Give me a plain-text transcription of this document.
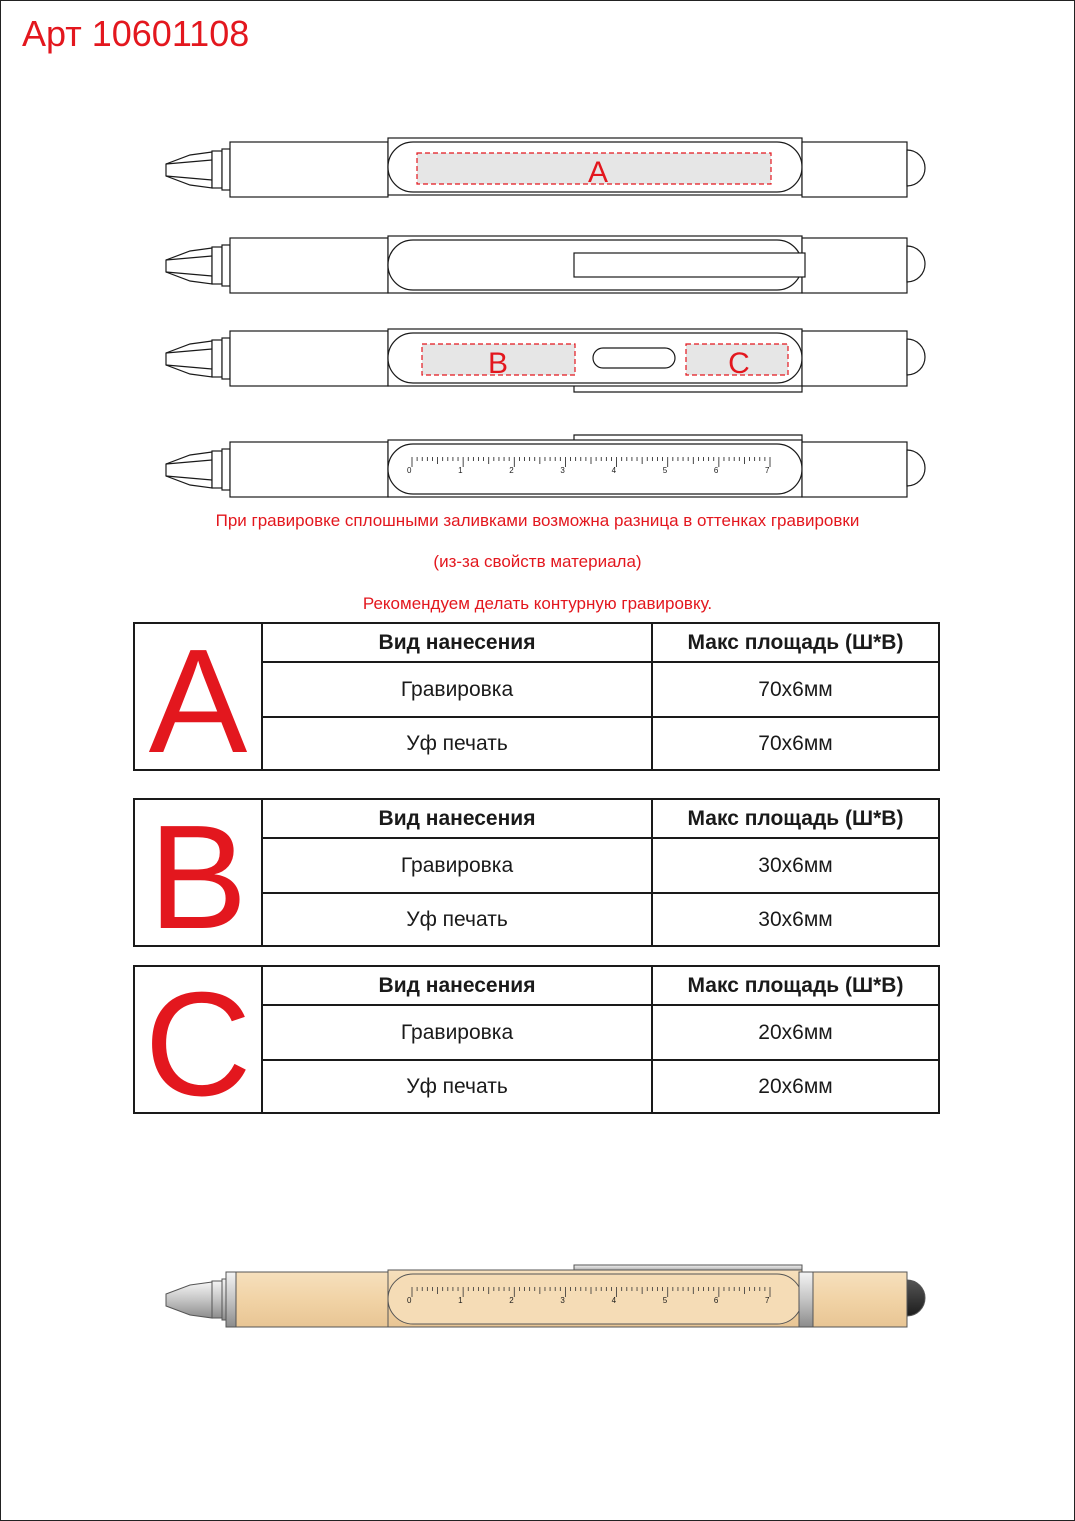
Арт 10601108
A
B	C
0	1	2	3	4	5	6	7
0	1	2	3	4	5	6	7
При гравировке сплошными заливками возможна разница в оттенках гравировки
(из-за свойств материала)
Рекомендуем делать контурную гравировку.
A	Вид нанесения	Макс площадь (Ш*В)
Гравировка	70x6мм
Уф печать	70x6мм
B	Вид нанесения	Макс площадь (Ш*В)
Гравировка	30x6мм
Уф печать	30x6мм
C	Вид нанесения	Макс площадь (Ш*В)
Гравировка	20x6мм
Уф печать	20x6мм
